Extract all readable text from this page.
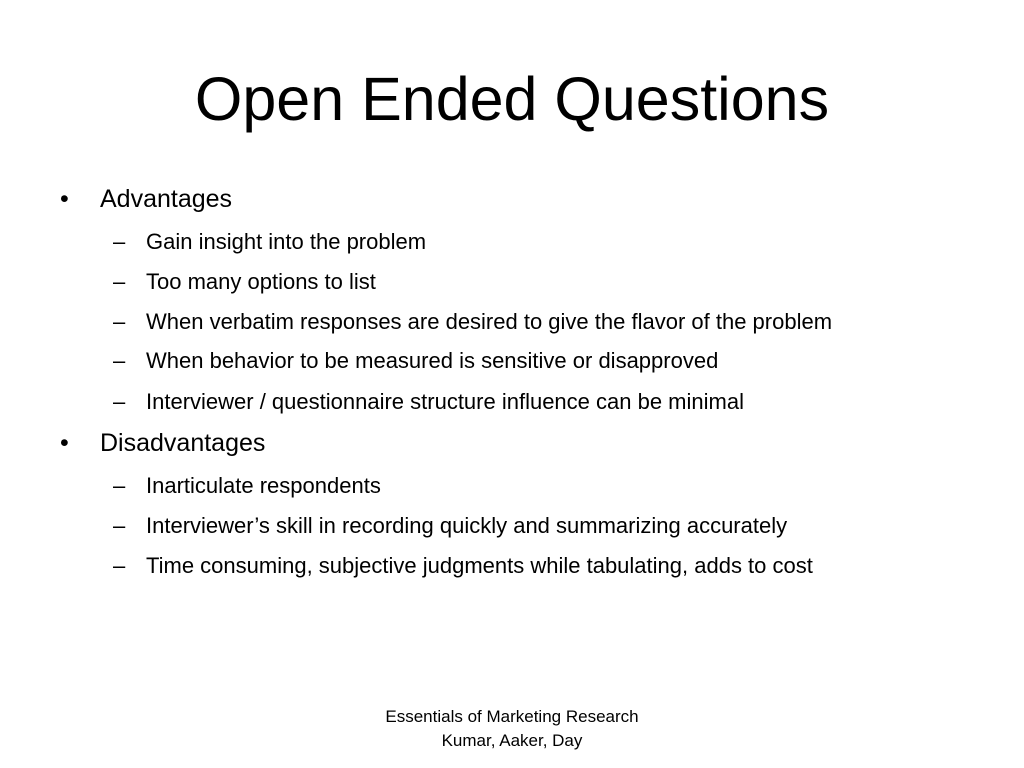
Open Ended Questions
• Advantages
– Gain insight into the problem
– Too many options to list
– When verbatim responses are desired to give the flavor of the problem
– When behavior to be measured is sensitive or disapproved
– Interviewer / questionnaire structure influence can be minimal
• Disadvantages
– Inarticulate respondents
– Interviewer’s skill in recording quickly and summarizing accurately
– Time consuming, subjective judgments while tabulating, adds to cost
Essentials of Marketing Research
Kumar, Aaker, Day
